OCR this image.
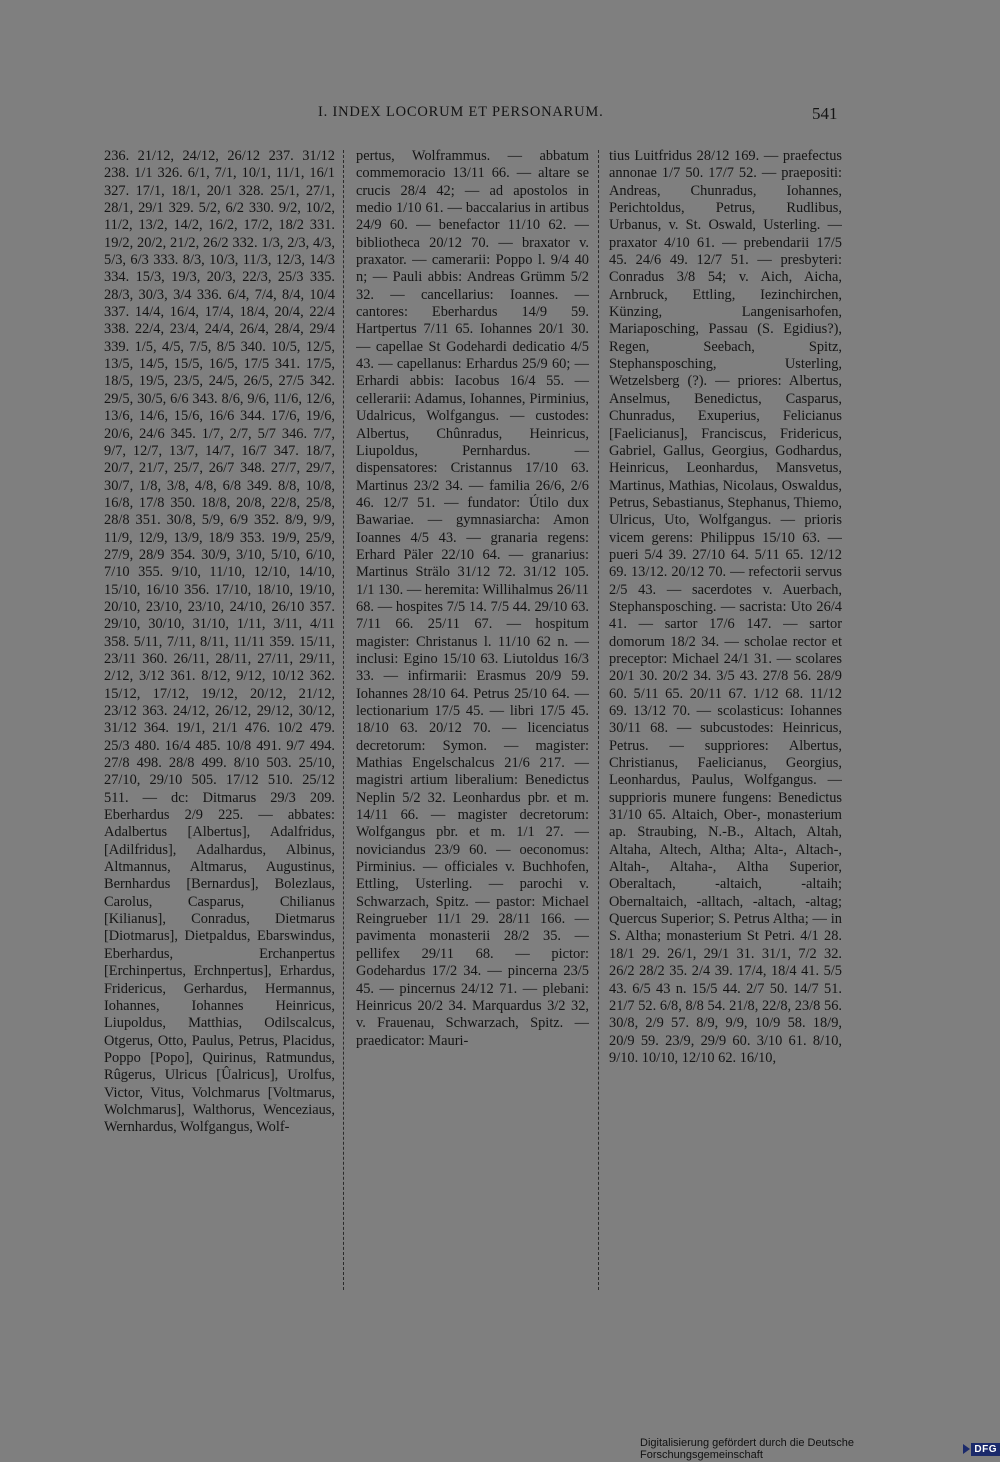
I. INDEX LOCORUM ET PERSONARUM.	541

236. 21/12, 24/12, 26/12 237. 31/12 238. 1/1 326. 6/1, 7/1, 10/1, 11/1, 16/1 327. 17/1, 18/1, 20/1 328. 25/1, 27/1, 28/1, 29/1 329. 5/2, 6/2 330. 9/2, 10/2, 11/2, 13/2, 14/2, 16/2, 17/2, 18/2 331. 19/2, 20/2, 21/2, 26/2 332. 1/3, 2/3, 4/3, 5/3, 6/3 333. 8/3, 10/3, 11/3, 12/3, 14/3 334. 15/3, 19/3, 20/3, 22/3, 25/3 335. 28/3, 30/3, 3/4 336. 6/4, 7/4, 8/4, 10/4 337. 14/4, 16/4, 17/4, 18/4, 20/4, 22/4 338. 22/4, 23/4, 24/4, 26/4, 28/4, 29/4 339. 1/5, 4/5, 7/5, 8/5 340. 10/5, 12/5, 13/5, 14/5, 15/5, 16/5, 17/5 341. 17/5, 18/5, 19/5, 23/5, 24/5, 26/5, 27/5 342. 29/5, 30/5, 6/6 343. 8/6, 9/6, 11/6, 12/6, 13/6, 14/6, 15/6, 16/6 344. 17/6, 19/6, 20/6, 24/6 345. 1/7, 2/7, 5/7 346. 7/7, 9/7, 12/7, 13/7, 14/7, 16/7 347. 18/7, 20/7, 21/7, 25/7, 26/7 348. 27/7, 29/7, 30/7, 1/8, 3/8, 4/8, 6/8 349. 8/8, 10/8, 16/8, 17/8 350. 18/8, 20/8, 22/8, 25/8, 28/8 351. 30/8, 5/9, 6/9 352. 8/9, 9/9, 11/9, 12/9, 13/9, 18/9 353. 19/9, 25/9, 27/9, 28/9 354. 30/9, 3/10, 5/10, 6/10, 7/10 355. 9/10, 11/10, 12/10, 14/10, 15/10, 16/10 356. 17/10, 18/10, 19/10, 20/10, 23/10, 23/10, 24/10, 26/10 357. 29/10, 30/10, 31/10, 1/11, 3/11, 4/11 358. 5/11, 7/11, 8/11, 11/11 359. 15/11, 23/11 360. 26/11, 28/11, 27/11, 29/11, 2/12, 3/12 361. 8/12, 9/12, 10/12 362. 15/12, 17/12, 19/12, 20/12, 21/12, 23/12 363. 24/12, 26/12, 29/12, 30/12, 31/12 364. 19/1, 21/1 476. 10/2 479. 25/3 480. 16/4 485. 10/8 491. 9/7 494. 27/8 498. 28/8 499. 8/10 503. 25/10, 27/10, 29/10 505. 17/12 510. 25/12 511. — dc: Ditmarus 29/3 209. Eberhardus 2/9 225. — abbates: Adalbertus [Albertus], Adalfridus, [Adilfridus], Adalhardus, Albinus, Altmannus, Altmarus, Augustinus, Bernhardus [Bernardus], Bolezlaus, Carolus, Casparus, Chilianus [Kilianus], Conradus, Dietmarus [Diotmarus], Dietpaldus, Ebarswindus, Eberhardus, Erchanpertus [Erchinpertus, Erchnpertus], Erhardus, Fridericus, Gerhardus, Hermannus, Iohannes, Iohannes Heinricus, Liupoldus, Matthias, Odilscalcus, Otgerus, Otto, Paulus, Petrus, Placidus, Poppo [Popo], Quirinus, Ratmundus, Rûgerus, Ulricus [Ûalricus], Urolfus, Victor, Vitus, Volchmarus [Voltmarus, Wolchmarus], Walthorus, Wenceziaus, Wernhardus, Wolfgangus, Wolf-

pertus, Wolframmus. — abbatum commemoracio 13/11 66. — altare se crucis 28/4 42; — ad apostolos in medio 1/10 61. — baccalarius in artibus 24/9 60. — benefactor 11/10 62. — bibliotheca 20/12 70. — braxator v. praxator. — camerarii: Poppo l. 9/4 40 n; — Pauli abbis: Andreas Grümm 5/2 32. — cancellarius: Ioannes. — cantores: Eberhardus 14/9 59. Hartpertus 7/11 65. Iohannes 20/1 30. — capellae St Godehardi dedicatio 4/5 43. — capellanus: Erhardus 25/9 60; — Erhardi abbis: Iacobus 16/4 55. — cellerarii: Adamus, Iohannes, Pirminius, Udalricus, Wolfgangus. — custodes: Albertus, Chûnradus, Heinricus, Liupoldus, Pernhardus. — dispensatores: Cristannus 17/10 63. Martinus 23/2 34. — familia 26/6, 2/6 46. 12/7 51. — fundator: Útilo dux Bawariae. — gymnasiarcha: Amon Ioannes 4/5 43. — granaria regens: Erhard Päler 22/10 64. — granarius: Martinus Strälo 31/12 72. 31/12 105. 1/1 130. — heremita: Willihalmus 26/11 68. — hospites 7/5 14. 7/5 44. 29/10 63. 7/11 66. 25/11 67. — hospitum magister: Christanus l. 11/10 62 n. — inclusi: Egino 15/10 63. Liutoldus 16/3 33. — infirmarii: Erasmus 20/9 59. Iohannes 28/10 64. Petrus 25/10 64. — lectionarium 17/5 45. — libri 17/5 45. 18/10 63. 20/12 70. — licenciatus decretorum: Symon. — magister: Mathias Engelschalcus 21/6 217. — magistri artium liberalium: Benedictus Neplin 5/2 32. Leonhardus pbr. et m. 14/11 66. — magister decretorum: Wolfgangus pbr. et m. 1/1 27. — noviciandus 23/9 60. — oeconomus: Pirminius. — officiales v. Buchhofen, Ettling, Usterling. — parochi v. Schwarzach, Spitz. — pastor: Michael Reingrueber 11/1 29. 28/11 166. — pavimenta monasterii 28/2 35. — pellifex 29/11 68. — pictor: Godehardus 17/2 34. — pincerna 23/5 45. — pincernus 24/12 71. — plebani: Heinricus 20/2 34. Marquardus 3/2 32, v. Frauenau, Schwarzach, Spitz. — praedicator: Mauri-

tius Luitfridus 28/12 169. — praefectus annonae 1/7 50. 17/7 52. — praepositi: Andreas, Chunradus, Iohannes, Perichtoldus, Petrus, Rudlibus, Urbanus, v. St. Oswald, Usterling. — praxator 4/10 61. — prebendarii 17/5 45. 24/6 49. 12/7 51. — presbyteri: Conradus 3/8 54; v. Aich, Aicha, Arnbruck, Ettling, Iezinchirchen, Künzing, Langenisarhofen, Mariaposching, Passau (S. Egidius?), Regen, Seebach, Spitz, Stephansposching, Usterling, Wetzelsberg (?). — priores: Albertus, Anselmus, Benedictus, Casparus, Chunradus, Exuperius, Felicianus [Faelicianus], Franciscus, Fridericus, Gabriel, Gallus, Georgius, Godhardus, Heinricus, Leonhardus, Mansvetus, Martinus, Mathias, Nicolaus, Oswaldus, Petrus, Sebastianus, Stephanus, Thiemo, Ulricus, Uto, Wolfgangus. — prioris vicem gerens: Philippus 15/10 63. — pueri 5/4 39. 27/10 64. 5/11 65. 12/12 69. 13/12. 20/12 70. — refectorii servus 2/5 43. — sacerdotes v. Auerbach, Stephansposching. — sacrista: Uto 26/4 41. — sartor 17/6 147. — sartor domorum 18/2 34. — scholae rector et preceptor: Michael 24/1 31. — scolares 20/1 30. 20/2 34. 3/5 43. 27/8 56. 28/9 60. 5/11 65. 20/11 67. 1/12 68. 11/12 69. 13/12 70. — scolasticus: Iohannes 30/11 68. — subcustodes: Heinricus, Petrus. — suppriores: Albertus, Christianus, Faelicianus, Georgius, Leonhardus, Paulus, Wolfgangus. — supprioris munere fungens: Benedictus 31/10 65. Altaich, Ober-, monasterium ap. Straubing, N.-B., Altach, Altah, Altaha, Altech, Altha; Alta-, Altach-, Altah-, Altaha-, Altha Superior, Oberaltach, -altaich, -altaih; Obernaltaich, -alltach, -altach, -altag; Quercus Superior; S. Petrus Altha; — in S. Altha; monasterium St Petri. 4/1 28. 18/1 29. 26/1, 29/1 31. 31/1, 7/2 32. 26/2 28/2 35. 2/4 39. 17/4, 18/4 41. 5/5 43. 6/5 43 n. 15/5 44. 2/7 50. 14/7 51. 21/7 52. 6/8, 8/8 54. 21/8, 22/8, 23/8 56. 30/8, 2/9 57. 8/9, 9/9, 10/9 58. 18/9, 20/9 59. 23/9, 29/9 60. 3/10 61. 8/10, 9/10. 10/10, 12/10 62. 16/10,

Digitalisierung gefördert durch die Deutsche Forschungsgemeinschaft	DFG
